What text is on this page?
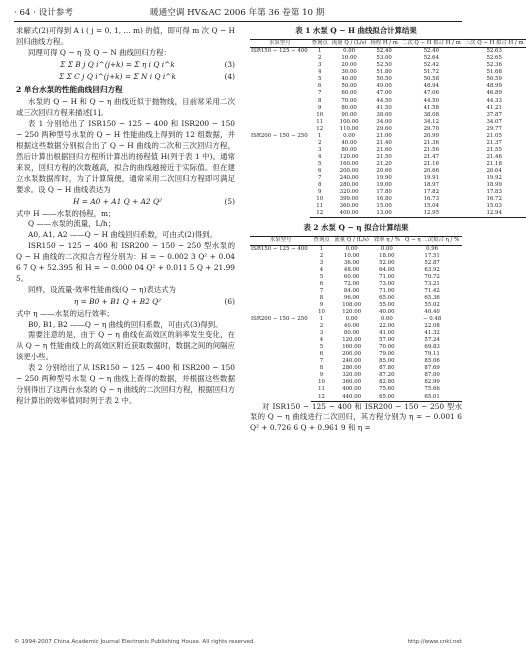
· 64 · 设计参考	暖通空调 HV&AC 2006 年第 36 卷第 10 期

求解式(2)可得到 A i ( j = 0, 1, ... m) 的值，即可得 m 次 Q − H 回归曲线方程。

同理可得 Q − η 及 Q − N 曲线回归方程：

Σ Σ B j Q i^(j+k) = Σ η i Q i^k	(3)
Σ Σ C j Q i^(j+k) = Σ N i Q i^k	(4)
2 单台水泵的性能曲线回归方程

水泵的 Q − H 和 Q − η 曲线近似于抛物线，目前常采用二次或三次回归方程来描述[1]。

表 1 分别给出了 ISR150 − 125 − 400 和 ISR200 − 150 − 250 两种型号水泵的 Q − H 性能曲线上得到的 12 组数据，并根据这些数据分别拟合出了 Q − H 曲线的二次和三次回归方程，然后计算出根据回归方程所计算出的扬程值 H(列于表 1 中)。通常来说，回归方程的次数越高，拟合的曲线越接近于实际值。但在建立水泵数据库时，为了计算简便，通常采用二次回归方程即可满足要求。设 Q − H 曲线表达为

H = A0 + A1 Q + A2 Q²	(5)

式中 H ——水泵的扬程，m；

Q ——水泵的流量，L/h；

A0, A1, A2 ——Q − H 曲线回归系数，可由式(2)得到。

ISR150 − 125 − 400 和 ISR200 − 150 − 250 型水泵的 Q − H 曲线的二次拟合方程分别为：H = − 0.002 3 Q² + 0.046 7 Q + 52.395 和 H = − 0.000 04 Q² + 0.011 5 Q + 21.995。

同样，设流量-效率性能曲线(Q − η)表达式为

η = B0 + B1 Q + B2 Q²	(6)

式中 η ——水泵的运行效率；

B0, B1, B2 ——Q − η 曲线的回归系数，可由式(3)得到。

需要注意的是，由于 Q − η 曲线在高效区的斜率发生变化，在从 Q − η 性能曲线上的高效区附近获取数据时，数据之间的间隔应该更小些。

表 2 分别给出了从 ISR150 − 125 − 400 和 ISR200 − 150 − 250 两种型号水泵 Q − η 曲线上查得的数据，并根据这些数据分别得出了这两台水泵的 Q − η 曲线的二次回归方程，根据回归方程计算出的效率值同时列于表 2 中。

表 1 水泵 Q − H 曲线拟合计算结果
水泵型号	查询点	流量 Q / (L/s)	扬程 H / m	二次 Q − H 拟合 H / m	三次 Q − H 拟合 H / m
ISR150 − 125 − 400	1	0.00	52.40	52.40	52.63
	2	10.00	53.00	52.64	52.65
	3	20.00	52.50	52.42	52.36
	4	30.00	51.80	51.72	51.68
	5	40.00	50.50	50.58	50.59
	6	50.00	49.00	48.94	48.99
	7	60.00	47.00	47.06	46.89
	8	70.00	44.50	44.50	44.33
	9	80.00	41.50	41.58	41.21
	10	90.00	38.00	38.08	37.87
	11	100.00	34.00	34.12	34.07
	12	110.00	29.60	29.70	29.77
ISR200 − 150 − 250	1	0.00	21.00	20.99	21.05
	2	40.00	21.40	21.36	21.37
	3	80.00	21.60	21.56	21.55
	4	120.00	21.50	21.47	21.46
	5	160.00	21.20	21.16	21.18
	6	200.00	20.60	20.66	20.64
	7	240.00	19.90	19.91	19.92
	8	280.00	19.00	18.97	18.99
	9	320.00	17.80	17.82	17.83
	10	399.00	16.80	16.73	16.72
	11	360.00	15.00	15.04	15.03
	12	400.00	13.00	12.95	12.94
表 2 水泵 Q − η 拟合计算结果
水泵型号	查询点	流量 Q / (L/s)	效率 η / %	Q − η 二次拟合 η / %
ISR150 − 125 − 400	1	0.00	0.00	0.96
	2	10.00	18.00	17.51
	3	36.00	52.00	52.87
	4	48.00	64.00	63.92
	5	60.00	71.00	70.72
	6	72.00	73.00	73.21
	7	84.00	71.00	71.42
	8	96.00	65.00	65.36
	9	108.00	55.00	55.02
	10	120.00	40.00	40.40
ISR200 − 150 − 250	1	0.00	0.00	− 0.48
	2	40.00	22.00	22.08
	3	80.00	41.00	41.32
	4	120.00	57.00	57.24
	5	160.00	70.00	69.83
	6	200.00	79.00	79.11
	7	240.00	85.00	85.06
	8	280.00	87.80	87.69
	9	320.00	87.20	87.00
	10	360.00	82.80	82.99
	11	400.00	75.60	75.66
	12	440.00	65.00	65.01

对 ISR150 − 125 − 400 和 ISR200 − 150 − 250 型水泵的 Q − η 曲线进行二次回归，其方程分别为 η = − 0.001 6 Q² + 0.726 6 Q + 0.961 9 和 η =

© 1994-2007 China Academic Journal Electronic Publishing House. All rights reserved.	http://www.cnki.net
